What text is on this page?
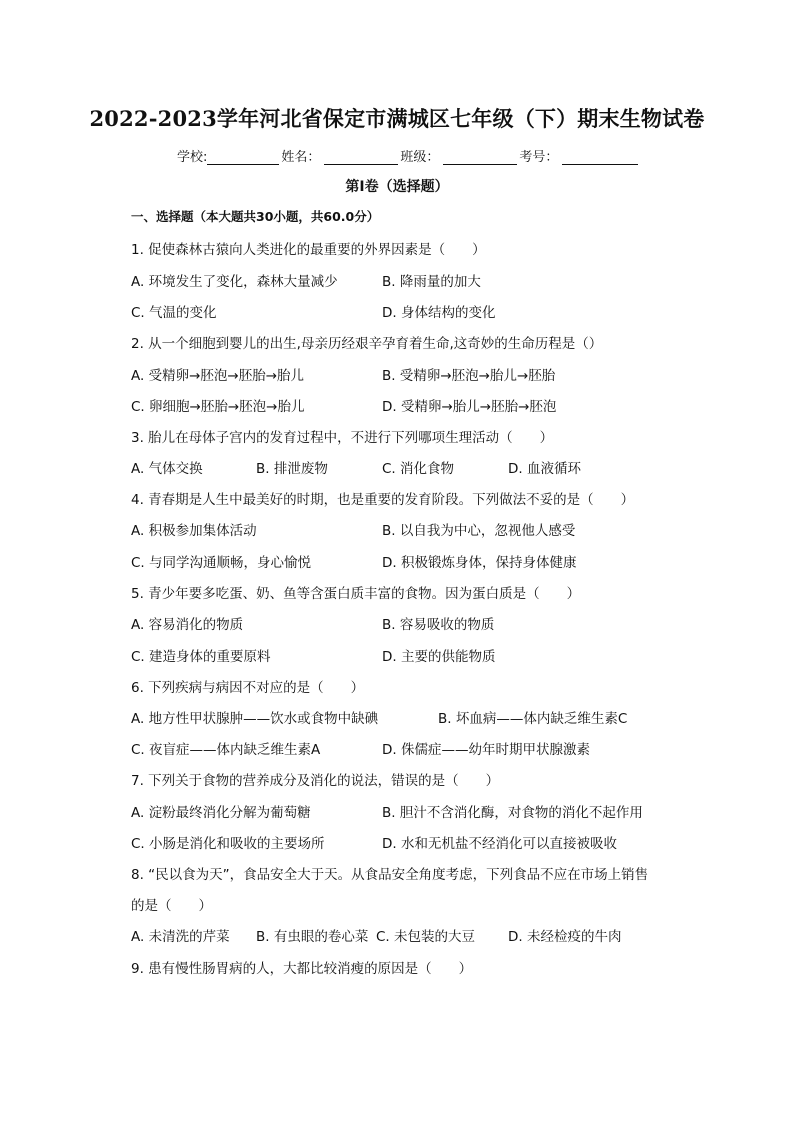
2022-2023学年河北省保定市满城区七年级（下）期末生物试卷
学校:	姓名：	班级：	考号：
第I卷（选择题）
一、选择题（本大题共30小题，共60.0分）
1. 促使森林古猿向人类进化的最重要的外界因素是（　　）
A. 环境发生了变化，森林大量减少	B. 降雨量的加大
C. 气温的变化	D. 身体结构的变化
2. 从一个细胞到婴儿的出生,母亲历经艰辛孕育着生命,这奇妙的生命历程是（）
A. 受精卵→胚泡→胚胎→胎儿	B. 受精卵→胚泡→胎儿→胚胎
C. 卵细胞→胚胎→胚泡→胎儿	D. 受精卵→胎儿→胚胎→胚泡
3. 胎儿在母体子宫内的发育过程中，不进行下列哪项生理活动（　　）
A. 气体交换	B. 排泄废物	C. 消化食物	D. 血液循环
4. 青春期是人生中最美好的时期，也是重要的发育阶段。下列做法不妥的是（　　）
A. 积极参加集体活动	B. 以自我为中心，忽视他人感受
C. 与同学沟通顺畅，身心愉悦	D. 积极锻炼身体，保持身体健康
5. 青少年要多吃蛋、奶、鱼等含蛋白质丰富的食物。因为蛋白质是（　　）
A. 容易消化的物质	B. 容易吸收的物质
C. 建造身体的重要原料	D. 主要的供能物质
6. 下列疾病与病因不对应的是（　　）
A. 地方性甲状腺肿——饮水或食物中缺碘	B. 坏血病——体内缺乏维生素C
C. 夜盲症——体内缺乏维生素A	D. 侏儒症——幼年时期甲状腺激素
7. 下列关于食物的营养成分及消化的说法，错误的是（　　）
A. 淀粉最终消化分解为葡萄糖	B. 胆汁不含消化酶，对食物的消化不起作用
C. 小肠是消化和吸收的主要场所	D. 水和无机盐不经消化可以直接被吸收
8. “民以食为天”，食品安全大于天。从食品安全角度考虑，下列食品不应在市场上销售
的是（　　）
A. 未清洗的芹菜 B. 有虫眼的卷心菜 C. 未包装的大豆 D. 未经检疫的牛肉
9. 患有慢性肠胃病的人，大都比较消瘦的原因是（　　）
